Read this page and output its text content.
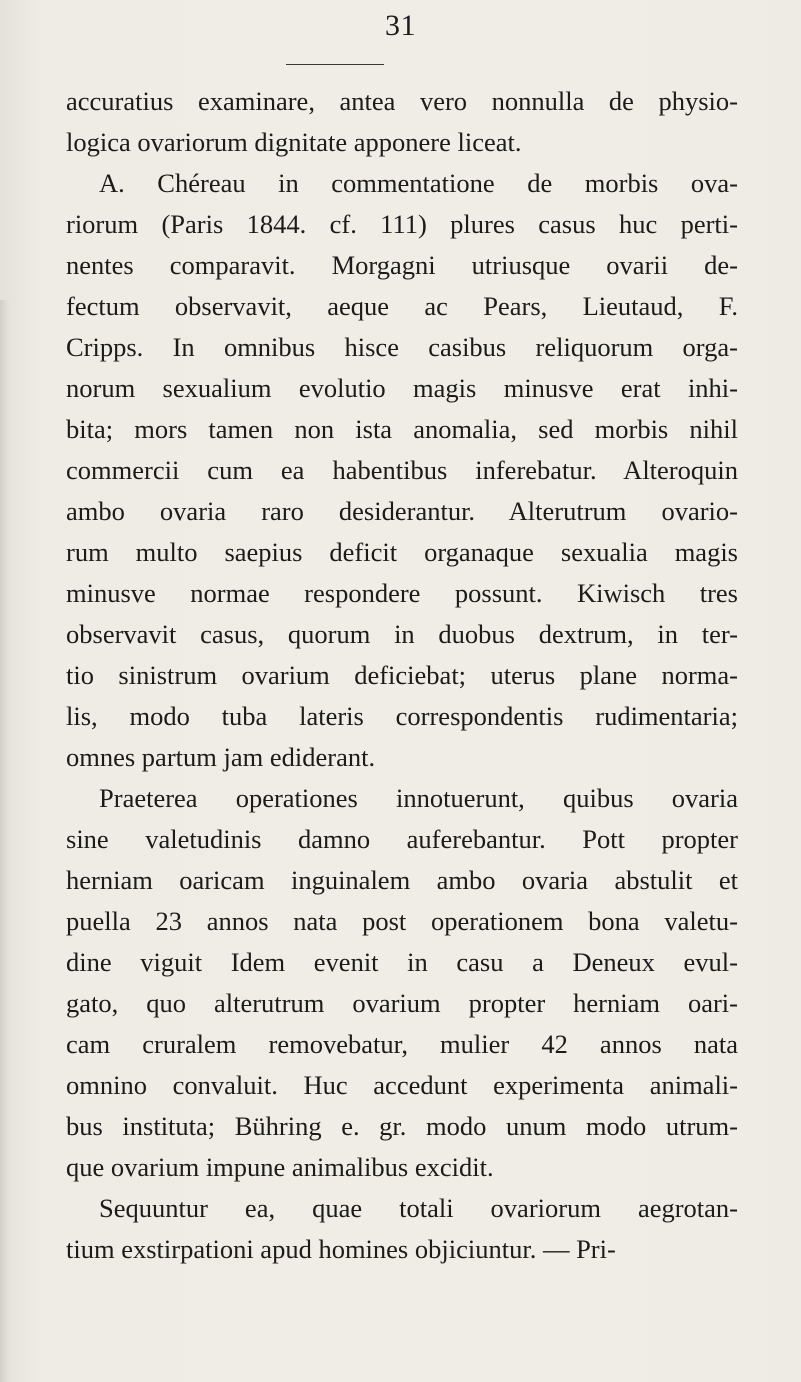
31
accuratius examinare, antea vero nonnulla de physio-
logica ovariorum dignitate apponere liceat.
A. Chéreau in commentatione de morbis ova-
riorum (Paris 1844. cf. 111) plures casus huc perti-
nentes comparavit. Morgagni utriusque ovarii de-
fectum observavit, aeque ac Pears, Lieutaud, F.
Cripps. In omnibus hisce casibus reliquorum orga-
norum sexualium evolutio magis minusve erat inhi-
bita; mors tamen non ista anomalia, sed morbis nihil
commercii cum ea habentibus inferebatur. Alteroquin
ambo ovaria raro desiderantur. Alterutrum ovario-
rum multo saepius deficit organaque sexualia magis
minusve normae respondere possunt. Kiwisch tres
observavit casus, quorum in duobus dextrum, in ter-
tio sinistrum ovarium deficiebat; uterus plane norma-
lis, modo tuba lateris correspondentis rudimentaria;
omnes partum jam ediderant.
Praeterea operationes innotuerunt, quibus ovaria
sine valetudinis damno auferebantur. Pott propter
herniam oaricam inguinalem ambo ovaria abstulit et
puella 23 annos nata post operationem bona valetu-
dine viguit Idem evenit in casu a Deneux evul-
gato, quo alterutrum ovarium propter herniam oari-
cam cruralem removebatur, mulier 42 annos nata
omnino convaluit. Huc accedunt experimenta animali-
bus instituta; Bühring e. gr. modo unum modo utrum-
que ovarium impune animalibus excidit.
Sequuntur ea, quae totali ovariorum aegrotan-
tium exstirpationi apud homines objiciuntur. — Pri-
